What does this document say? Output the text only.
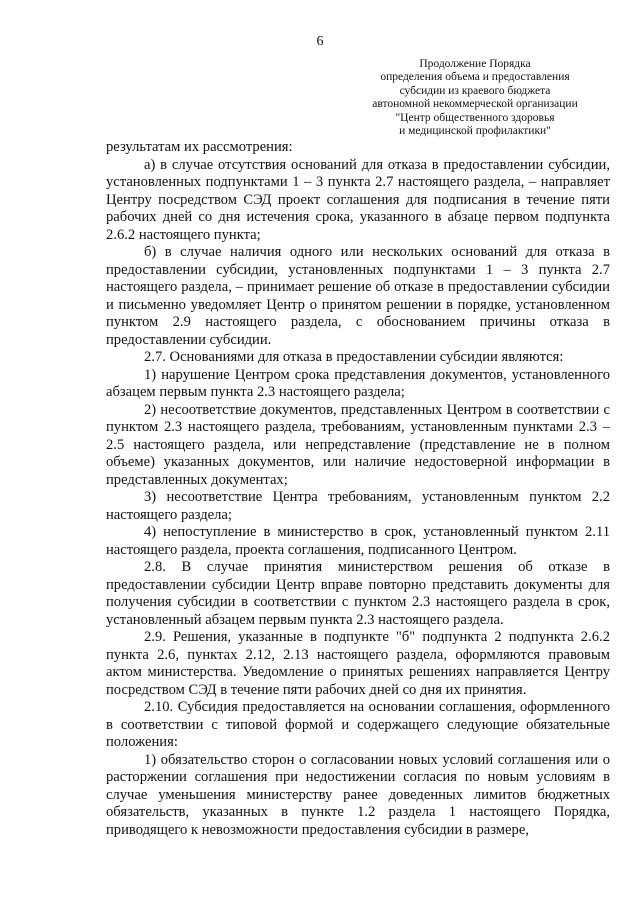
6
Продолжение Порядка
определения объема и предоставления
субсидии из краевого бюджета
автономной некоммерческой организации
"Центр общественного здоровья
и медицинской профилактики"

результатам их рассмотрения:

а) в случае отсутствия оснований для отказа в предоставлении субсидии, установленных подпунктами 1 – 3 пункта 2.7 настоящего раздела, – направляет Центру посредством СЭД проект соглашения для подписания в течение пяти рабочих дней со дня истечения срока, указанного в абзаце первом подпункта 2.6.2 настоящего пункта;

б) в случае наличия одного или нескольких оснований для отказа в предоставлении субсидии, установленных подпунктами 1 – 3 пункта 2.7 настоящего раздела, – принимает решение об отказе в предоставлении субсидии и письменно уведомляет Центр о принятом решении в порядке, установленном пунктом 2.9 настоящего раздела, с обоснованием причины отказа в предоставлении субсидии.

2.7. Основаниями для отказа в предоставлении субсидии являются:

1) нарушение Центром срока представления документов, установленного абзацем первым пункта 2.3 настоящего раздела;

2) несоответствие документов, представленных Центром в соответствии с пунктом 2.3 настоящего раздела, требованиям, установленным пунктами 2.3 – 2.5 настоящего раздела, или непредставление (представление не в полном объеме) указанных документов, или наличие недостоверной информации в представленных документах;

3) несоответствие Центра требованиям, установленным пунктом 2.2 настоящего раздела;

4) непоступление в министерство в срок, установленный пунктом 2.11 настоящего раздела, проекта соглашения, подписанного Центром.

2.8. В случае принятия министерством решения об отказе в предоставлении субсидии Центр вправе повторно представить документы для получения субсидии в соответствии с пунктом 2.3 настоящего раздела в срок, установленный абзацем первым пункта 2.3 настоящего раздела.

2.9. Решения, указанные в подпункте "б" подпункта 2 подпункта 2.6.2 пункта 2.6, пунктах 2.12, 2.13 настоящего раздела, оформляются правовым актом министерства. Уведомление о принятых решениях направляется Центру посредством СЭД в течение пяти рабочих дней со дня их принятия.

2.10. Субсидия предоставляется на основании соглашения, оформленного в соответствии с типовой формой и содержащего следующие обязательные положения:

1) обязательство сторон о согласовании новых условий соглашения или о расторжении соглашения при недостижении согласия по новым условиям в случае уменьшения министерству ранее доведенных лимитов бюджетных обязательств, указанных в пункте 1.2 раздела 1 настоящего Порядка, приводящего к невозможности предоставления субсидии в размере,
